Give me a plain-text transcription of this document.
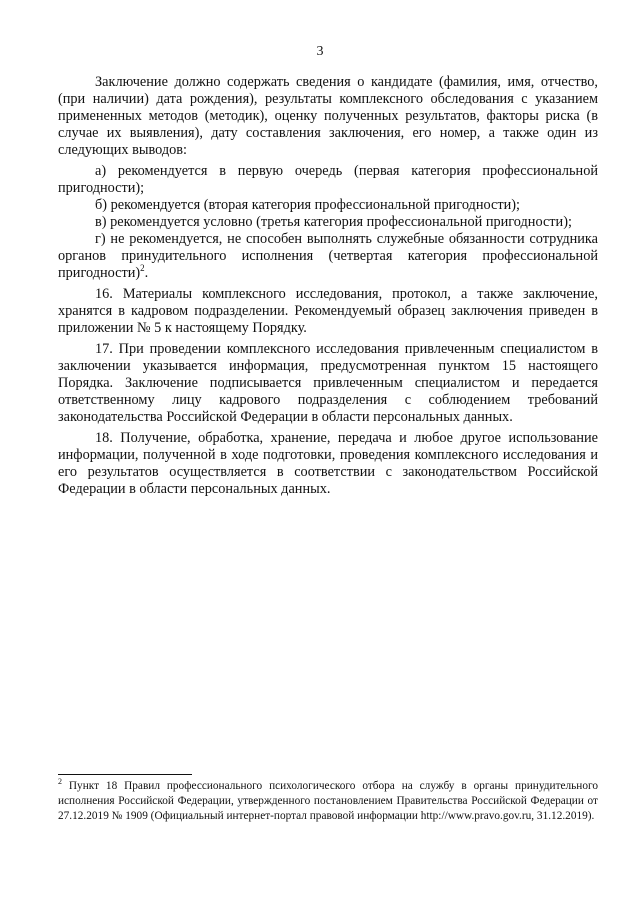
3

Заключение должно содержать сведения о кандидате (фамилия, имя, отчество, (при наличии) дата рождения), результаты комплексного обследования с указанием примененных методов (методик), оценку полученных результатов, факторы риска (в случае их выявления), дату составления заключения, его номер, а также один из следующих выводов:

а) рекомендуется в первую очередь (первая категория профессиональной пригодности);

б) рекомендуется (вторая категория профессиональной пригодности);

в) рекомендуется условно (третья категория профессиональной пригодности);

г) не рекомендуется, не способен выполнять служебные обязанности сотрудника органов принудительного исполнения (четвертая категория профессиональной пригодности)$^2$.

16. Материалы комплексного исследования, протокол, а также заключение, хранятся в кадровом подразделении. Рекомендуемый образец заключения приведен в приложении № 5 к настоящему Порядку.

17. При проведении комплексного исследования привлеченным специалистом в заключении указывается информация, предусмотренная пунктом 15 настоящего Порядка. Заключение подписывается привлеченным специалистом и передается ответственному лицу кадрового подразделения с соблюдением требований законодательства Российской Федерации в области персональных данных.

18. Получение, обработка, хранение, передача и любое другое использование информации, полученной в ходе подготовки, проведения комплексного исследования и его результатов осуществляется в соответствии с законодательством Российской Федерации в области персональных данных.

$^2$ Пункт 18 Правил профессионального психологического отбора на службу в органы принудительного исполнения Российской Федерации, утвержденного постановлением Правительства Российской Федерации от 27.12.2019 № 1909 (Официальный интернет-портал правовой информации http://www.pravo.gov.ru, 31.12.2019).
